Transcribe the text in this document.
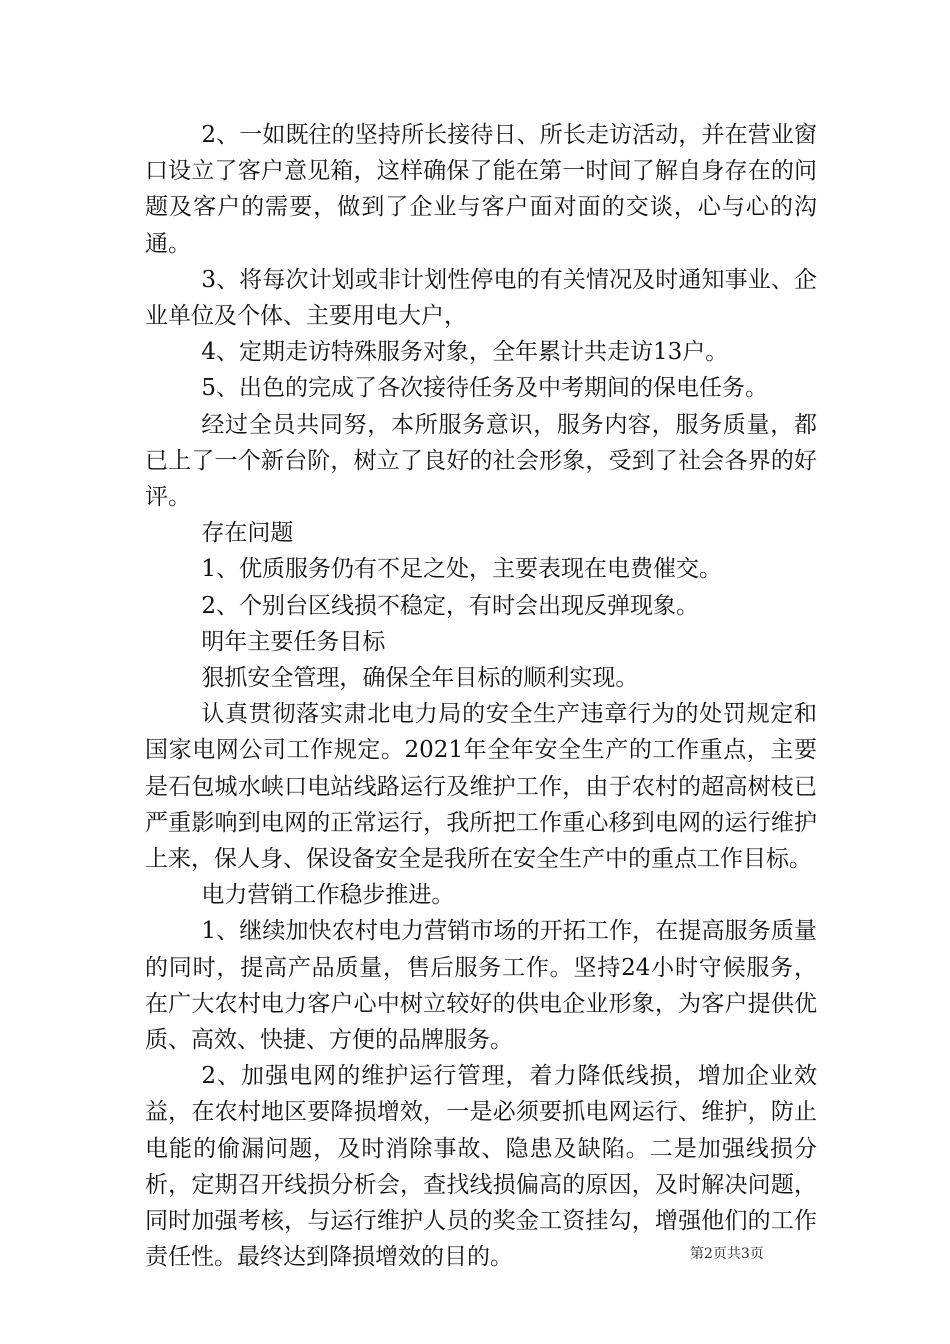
2、一如既往的坚持所长接待日、所长走访活动，并在营业窗口设立了客户意见箱，这样确保了能在第一时间了解自身存在的问题及客户的需要，做到了企业与客户面对面的交谈，心与心的沟通。

3、将每次计划或非计划性停电的有关情况及时通知事业、企业单位及个体、主要用电大户，

4、定期走访特殊服务对象，全年累计共走访13户。

5、出色的完成了各次接待任务及中考期间的保电任务。

经过全员共同努，本所服务意识，服务内容，服务质量，都已上了一个新台阶，树立了良好的社会形象，受到了社会各界的好评。

存在问题

1、优质服务仍有不足之处，主要表现在电费催交。

2、个别台区线损不稳定，有时会出现反弹现象。

明年主要任务目标

狠抓安全管理，确保全年目标的顺利实现。

认真贯彻落实肃北电力局的安全生产违章行为的处罚规定和国家电网公司工作规定。2021年全年安全生产的工作重点，主要是石包城水峡口电站线路运行及维护工作，由于农村的超高树枝已严重影响到电网的正常运行，我所把工作重心移到电网的运行维护上来，保人身、保设备安全是我所在安全生产中的重点工作目标。

电力营销工作稳步推进。

1、继续加快农村电力营销市场的开拓工作，在提高服务质量的同时，提高产品质量，售后服务工作。坚持24小时守候服务，在广大农村电力客户心中树立较好的供电企业形象，为客户提供优质、高效、快捷、方便的品牌服务。

2、加强电网的维护运行管理，着力降低线损，增加企业效益，在农村地区要降损增效，一是必须要抓电网运行、维护，防止电能的偷漏问题，及时消除事故、隐患及缺陷。二是加强线损分析，定期召开线损分析会，查找线损偏高的原因，及时解决问题，同时加强考核，与运行维护人员的奖金工资挂勾，增强他们的工作责任性。最终达到降损增效的目的。	第2页共3页
